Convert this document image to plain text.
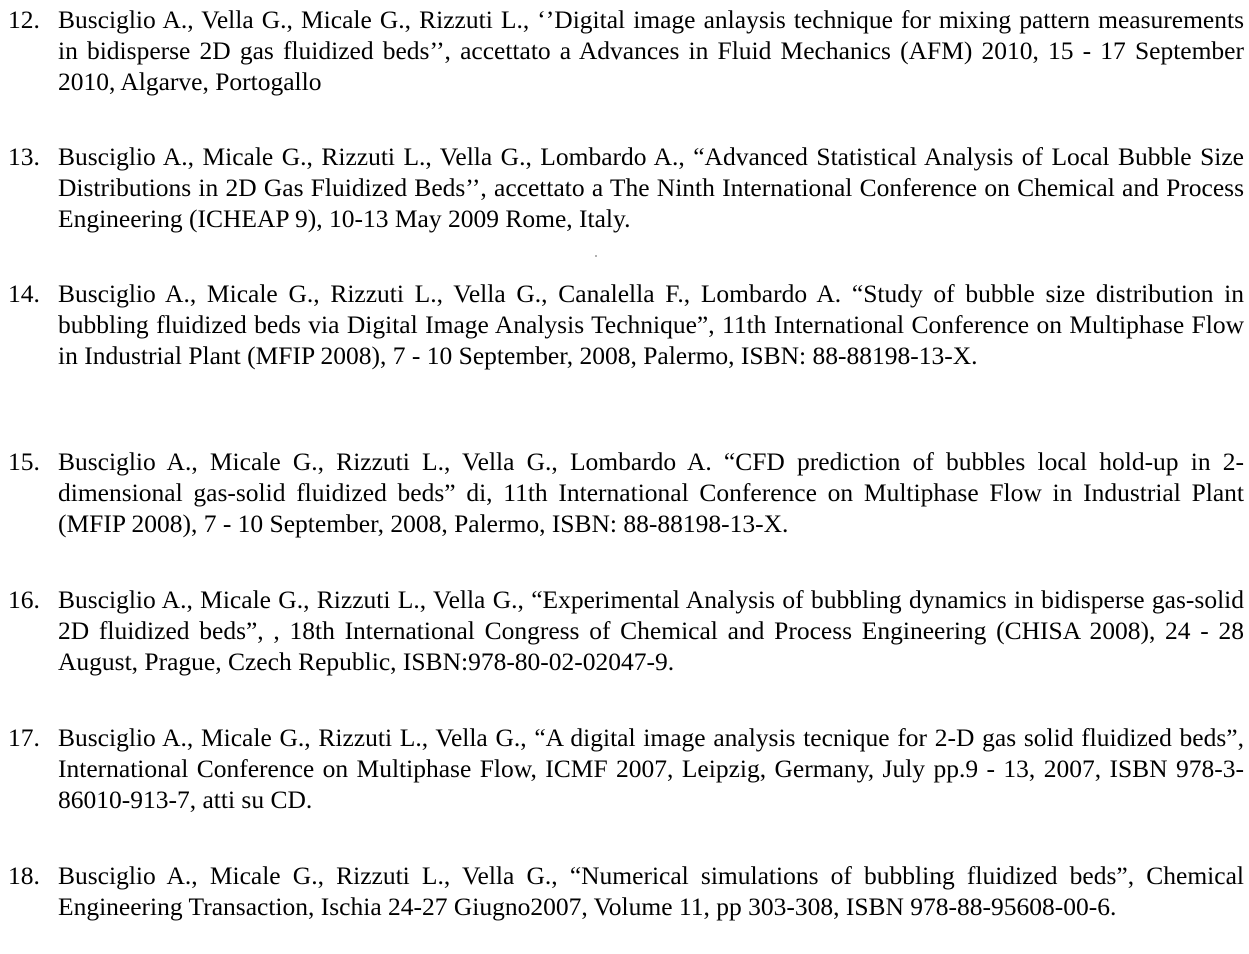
12. Busciglio A., Vella G., Micale G., Rizzuti L., ‘’Digital image anlaysis technique for mixing pattern measurements in bidisperse 2D gas fluidized beds’’, accettato a Advances in Fluid Mechanics (AFM) 2010, 15 - 17 September 2010, Algarve, Portogallo
13. Busciglio A., Micale G., Rizzuti L., Vella G., Lombardo A., “Advanced Statistical Analysis of Local Bubble Size Distributions in 2D Gas Fluidized Beds’’, accettato a The Ninth International Conference on Chemical and Process Engineering (ICHEAP 9), 10-13 May 2009 Rome, Italy.
14. Busciglio A., Micale G., Rizzuti L., Vella G., Canalella F., Lombardo A. “Study of bubble size distribution in bubbling fluidized beds via Digital Image Analysis Technique”, 11th International Conference on Multiphase Flow in Industrial Plant (MFIP 2008), 7 - 10 September, 2008, Palermo, ISBN: 88-88198-13-X.
15. Busciglio A., Micale G., Rizzuti L., Vella G., Lombardo A. “CFD prediction of bubbles local hold-up in 2-dimensional gas-solid fluidized beds” di, 11th International Conference on Multiphase Flow in Industrial Plant (MFIP 2008), 7 - 10 September, 2008, Palermo, ISBN: 88-88198-13-X.
16. Busciglio A., Micale G., Rizzuti L., Vella G., “Experimental Analysis of bubbling dynamics in bidisperse gas-solid 2D fluidized beds”, , 18th International Congress of Chemical and Process Engineering (CHISA 2008), 24 - 28 August, Prague, Czech Republic, ISBN:978-80-02-02047-9.
17. Busciglio A., Micale G., Rizzuti L., Vella G., “A digital image analysis tecnique for 2-D gas solid fluidized beds”, International Conference on Multiphase Flow, ICMF 2007, Leipzig, Germany, July pp.9 - 13, 2007, ISBN 978-3-86010-913-7, atti su CD.
18. Busciglio A., Micale G., Rizzuti L., Vella G., “Numerical simulations of bubbling fluidized beds”, Chemical Engineering Transaction, Ischia 24-27 Giugno2007, Volume 11, pp 303-308, ISBN 978-88-95608-00-6.
